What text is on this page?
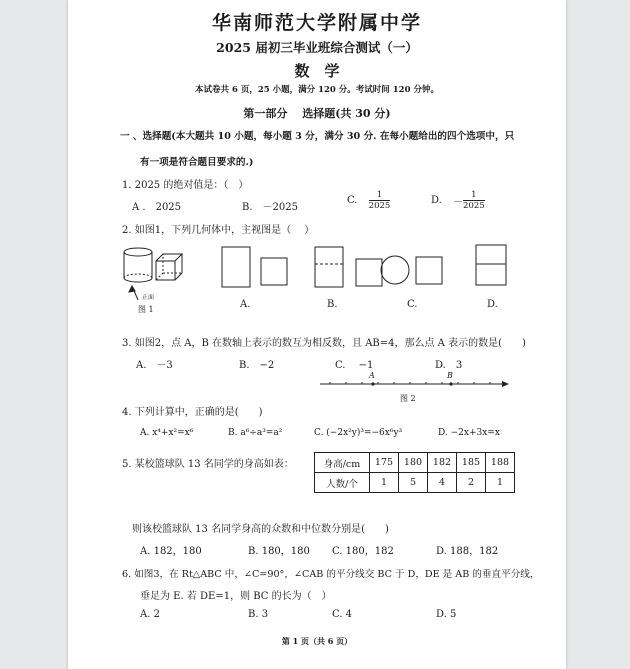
华南师范大学附属中学
2025 届初三毕业班综合测试（一）
数　学
本试卷共 6 页，25 小题，满分 120 分。考试时间 120 分钟。
第一部分　 选择题(共 30 分)
一 、选择题(本大题共 10 小题，每小题 3 分，满分 30 分. 在每小题给出的四个选项中，只
有一项是符合题目要求的.)
1. 2025 的绝对值是：（　）
A .　2025	B.　－2025
C. $\frac{1}{2025}$	D. － $\frac{1}{2025}$
2. 如图1，下列几何体中，主视图是（　 ）
正面
图 1	A.	B.	C.	D.
3. 如图2，点 A，B 在数轴上表示的数互为相反数，且 AB=4，那么点 A 表示的数是(　　)
A.　－3	B.　−2	C.　 −1	D.　3
A	B
图 2
4. 下列计算中，正确的是(　　)
A. x⁴+x²=x⁶	B. a⁶÷a³=a²	C. (−2x²y)³=−6x⁶y³	D. −2x+3x=x
5. 某校篮球队 13 名同学的身高如表：	身高/cm	175	180	182	185	188
人数/个	1	5	4	2	1
则该校篮球队 13 名同学身高的众数和中位数分别是(　　)
A. 182，180	B. 180，180 C. 180，182	D. 188，182
6. 如图3，在 Rt△ABC 中，∠C=90°，∠CAB 的平分线交 BC 于 D，DE 是 AB 的垂直平分线，
垂足为 E. 若 DE=1，则 BC 的长为（　）
A. 2	B. 3	C. 4	D. 5
第 1 页（共 6 页）
